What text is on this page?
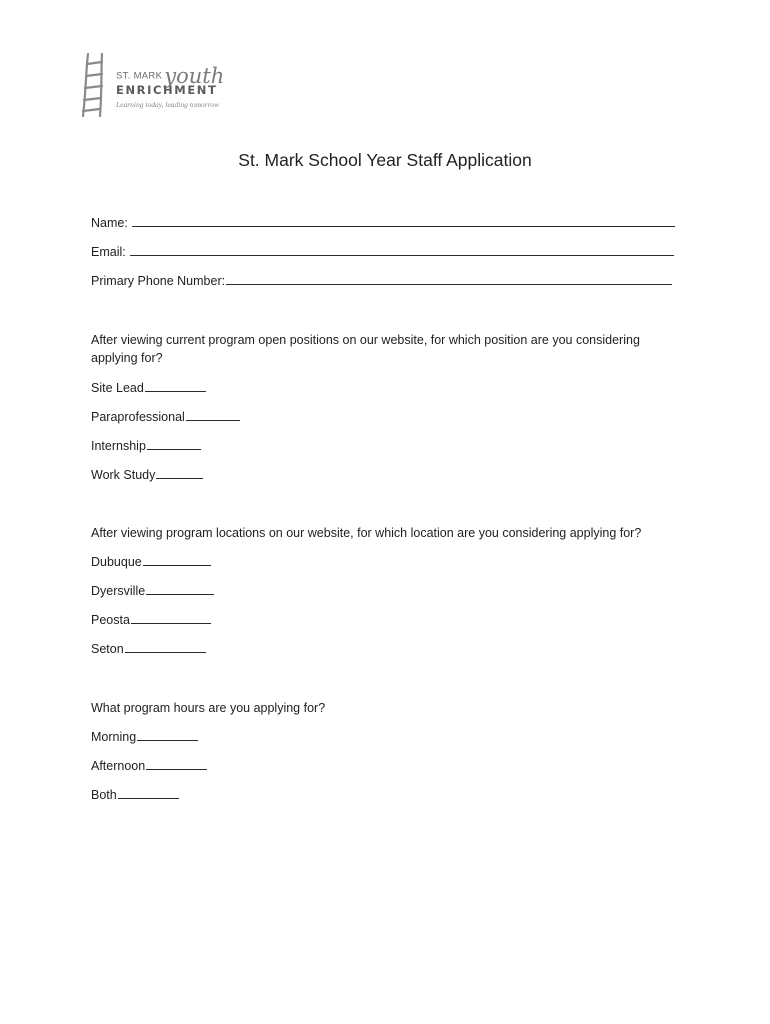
ST. MARKyouth
ENRICHMENT
Learning today, leading tomorrow
St. Mark School Year Staff Application
Name:
Email:
Primary Phone Number:
After viewing current program open positions on our website, for which position are you considering applying for?
Site Lead
Paraprofessional
Internship
Work Study
After viewing program locations on our website, for which location are you considering applying for?
Dubuque
Dyersville
Peosta
Seton
What program hours are you applying for?
Morning
Afternoon
Both
